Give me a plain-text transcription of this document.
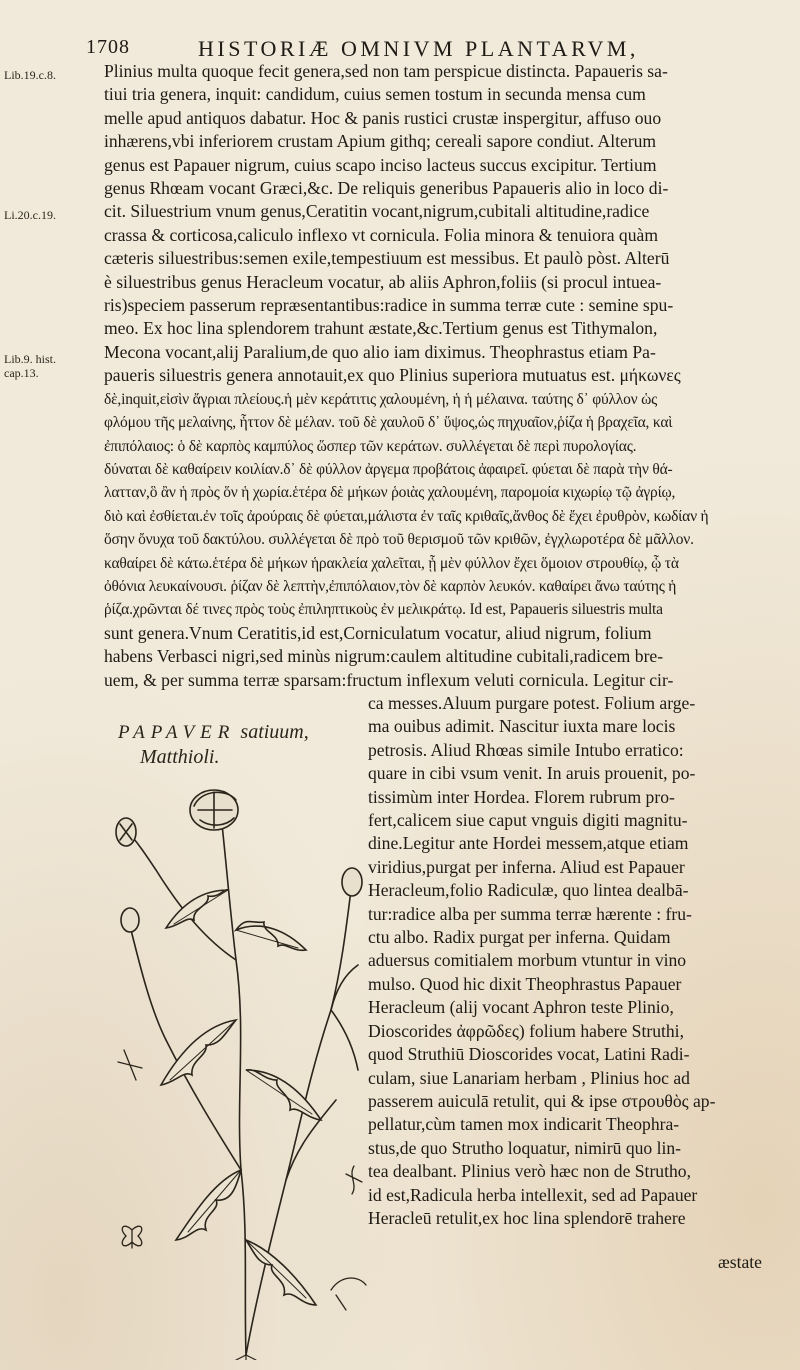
1708	HISTORIÆ OMNIVM PLANTARVM,
Lib.19.c.8.
Li.20.c.19.
Lib.9. hist. cap.13.
Plinius multa quoque fecit genera,sed non tam perspicue distincta. Papaueris sa-
tiui tria genera, inquit: candidum, cuius semen tostum in secunda mensa cum
melle apud antiquos dabatur. Hoc & panis rustici crustæ inspergitur, affuso ouo
inhærens,vbi inferiorem crustam Apium githq; cereali sapore condiut. Alterum
genus est Papauer nigrum, cuius scapo inciso lacteus succus excipitur. Tertium
genus Rhœam vocant Græci,&c. De reliquis generibus Papaueris alio in loco di-
cit. Siluestrium vnum genus,Ceratitin vocant,nigrum,cubitali altitudine,radice
crassa & corticosa,caliculo inflexo vt cornicula. Folia minora & tenuiora quàm
cæteris siluestribus:semen exile,tempestiuum est messibus. Et paulò pòst. Alterū
è siluestribus genus Heracleum vocatur, ab aliis Aphron,foliis (si procul intuea-
ris)speciem passerum repræsentantibus:radice in summa terræ cute : semine spu-
meo. Ex hoc lina splendorem trahunt æstate,&c.Tertium genus est Tithymalon,
Mecona vocant,alij Paralium,de quo alio iam diximus. Theophrastus etiam Pa-
paueris siluestris genera annotauit,ex quo Plinius superiora mutuatus est. μήκωνες
δὲ,inquit,εἰσὶν ἄγριαι πλείους.ἡ μὲν κεράτιτις χαλουμένη, ἡ ἡ μέλαινα. ταύτης δ᾽ φύλλον ὡς
φλόμου τῆς μελαίνης, ἧττον δὲ μέλαν. τοῦ δὲ χαυλοῦ δ᾽ ὕψος,ὡς πηχυαῖον,ῥίζα ἡ βραχεῖα, καὶ
ἐπιπόλαιος: ὁ δὲ καρπὸς καμπύλος ὥσπερ τῶν κεράτων. συλλέγεται δὲ περὶ πυρολογίας.
δύναται δὲ καθαίρειν κοιλίαν.δ᾽ δὲ φύλλον ἀργεμα προβάτοις ἀφαιρεῖ. φύεται δὲ παρὰ τὴν θά-
λατταν,ὃ ἂν ἡ πρὸς ὅν ἡ χωρία.ἑτέρα δὲ μήκων ῥοιὰς χαλουμένη, παρομοία κιχωρίῳ τῷ ἀγρίῳ,
διὸ καὶ ἐσθίεται.ἐν τοῖς ἀρούραις δὲ φύεται,μάλιστα ἐν ταῖς κριθαῖς,ἄνθος δὲ ἔχει ἐρυθρὸν, κωδίαν ἡ
ὅσην ὄνυχα τοῦ δακτύλου. συλλέγεται δὲ πρὸ τοῦ θερισμοῦ τῶν κριθῶν, ἐγχλωροτέρα δὲ μᾶλλον.
καθαίρει δὲ κάτω.ἑτέρα δὲ μήκων ἡρακλεία χαλεῖται, ᾗ μὲν φύλλον ἔχει ὅμοιον στρουθίῳ, ᾧ τὰ
ὀθόνια λευκαίνουσι. ῥίζαν δὲ λεπτὴν,ἐπιπόλαιον,τὸν δὲ καρπὸν λευκόν. καθαίρει ἄνω ταύτης ἡ
ῥίζα.χρῶνται δέ τινες πρὸς τοὺς ἐπιληπτικοὺς ἐν μελικράτῳ. Id est, Papaueris siluestris multa
sunt genera.Vnum Ceratitis,id est,Corniculatum vocatur, aliud nigrum, folium
habens Verbasci nigri,sed minùs nigrum:caulem altitudine cubitali,radicem bre-
uem, & per summa terræ sparsam:fructum inflexum veluti cornicula. Legitur cir-
PAPAVER satiuum,
Matthioli.
ca messes.Aluum purgare potest. Folium arge-
ma ouibus adimit. Nascitur iuxta mare locis
petrosis. Aliud Rhœas simile Intubo erratico:
quare in cibi vsum venit. In aruis prouenit, po-
tissimùm inter Hordea. Florem rubrum pro-
fert,calicem siue caput vnguis digiti magnitu-
dine.Legitur ante Hordei messem,atque etiam
viridius,purgat per inferna. Aliud est Papauer
Heracleum,folio Radiculæ, quo lintea dealbā-
tur:radice alba per summa terræ hærente : fru-
ctu albo. Radix purgat per inferna. Quidam
aduersus comitialem morbum vtuntur in vino
mulso. Quod hic dixit Theophrastus Papauer
Heracleum (alij vocant Aphron teste Plinio,
Dioscorides ἀφρῶδες) folium habere Struthi,
quod Struthiū Dioscorides vocat, Latini Radi-
culam, siue Lanariam herbam , Plinius hoc ad
passerem auiculā retulit, qui & ipse στρουθὸς ap-
pellatur,cùm tamen mox indicarit Theophra-
stus,de quo Strutho loquatur, nimirū quo lin-
tea dealbant. Plinius verò hæc non de Strutho,
id est,Radicula herba intellexit, sed ad Papauer
Heracleū retulit,ex hoc lina splendorē trahere
æstate
